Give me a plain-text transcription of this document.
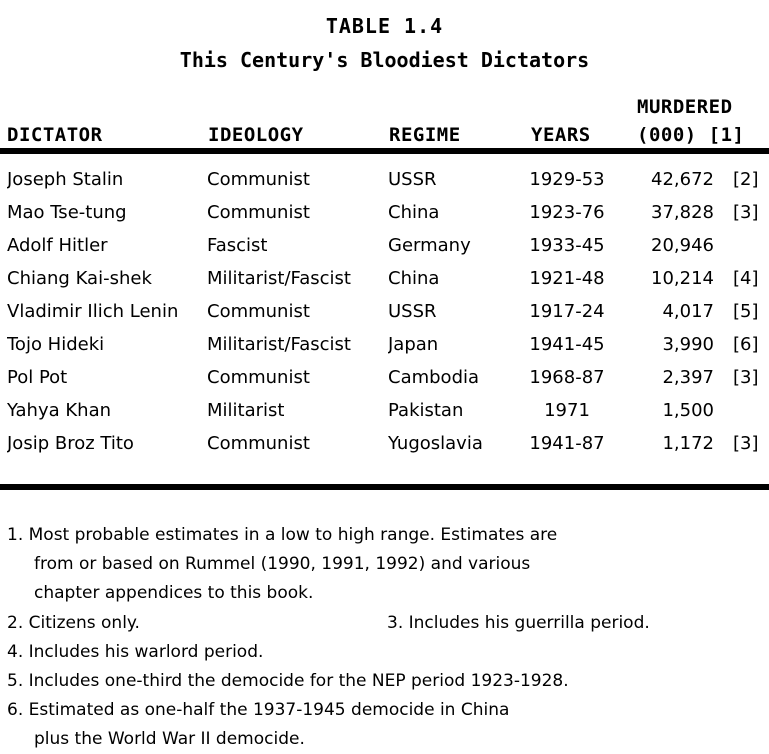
TABLE 1.4
This Century's Bloodiest Dictators
DICTATOR	IDEOLOGY	REGIME	YEARS
MURDERED
(000) [1]
Joseph Stalin	Communist	USSR	1929-53	42,672 [2]
Mao Tse-tung	Communist	China	1923-76	37,828 [3]
Adolf Hitler	Fascist	Germany	1933-45	20,946
Chiang Kai-shek	Militarist/Fascist	China	1921-48	10,214 [4]
Vladimir Ilich Lenin	Communist	USSR	1917-24	4,017 [5]
Tojo Hideki	Militarist/Fascist	Japan	1941-45	3,990 [6]
Pol Pot	Communist	Cambodia	1968-87	2,397 [3]
Yahya Khan	Militarist	Pakistan	1971	1,500
Josip Broz Tito	Communist	Yugoslavia	1941-87	1,172 [3]
1. Most probable estimates in a low to high range. Estimates are
from or based on Rummel (1990, 1991, 1992) and various
chapter appendices to this book.
2. Citizens only.	3. Includes his guerrilla period.
4. Includes his warlord period.
5. Includes one-third the democide for the NEP period 1923-1928.
6. Estimated as one-half the 1937-1945 democide in China
plus the World War II democide.
